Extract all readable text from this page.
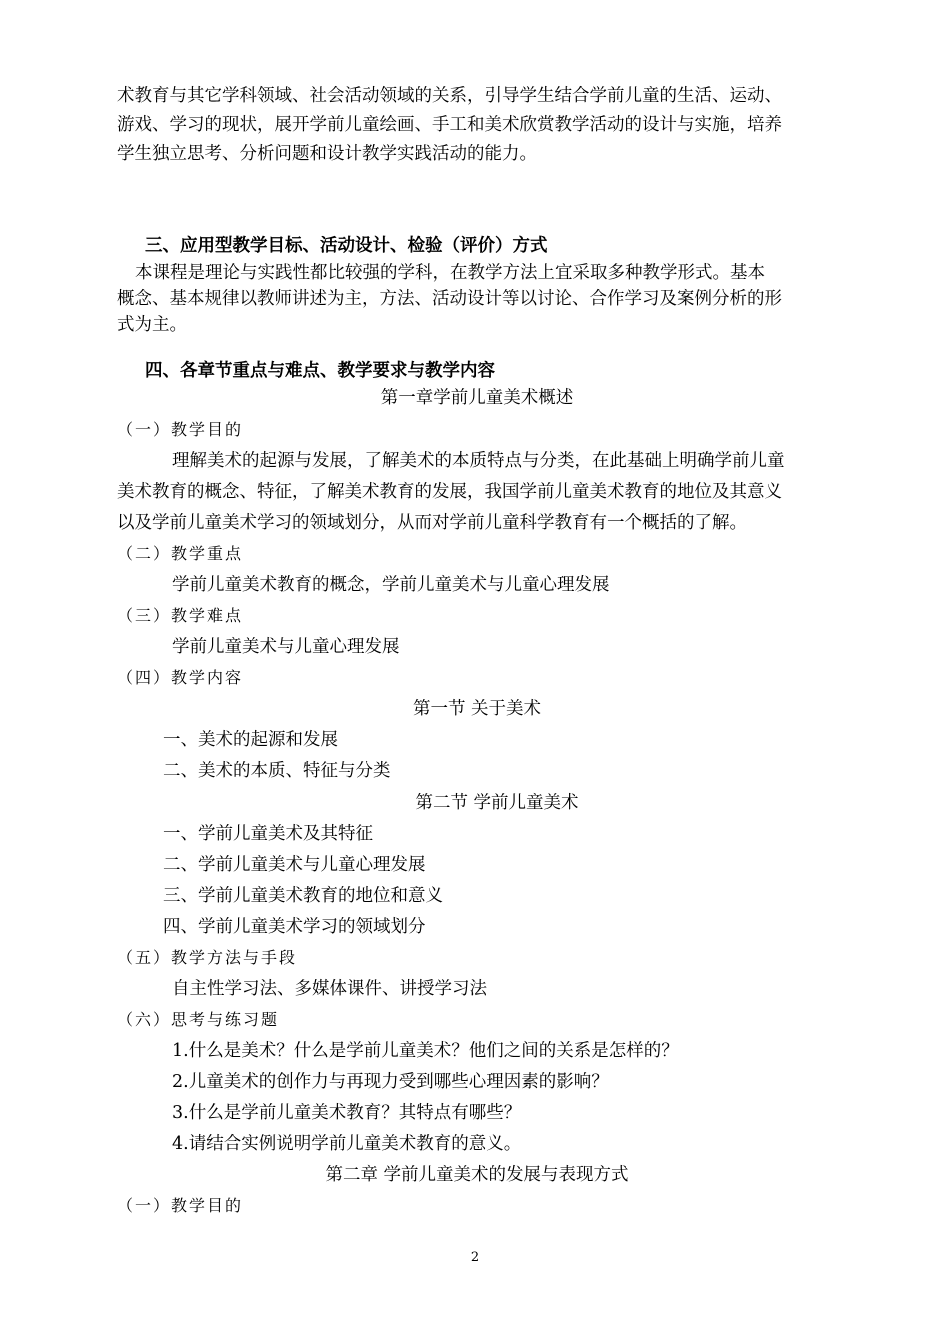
术教育与其它学科领域、社会活动领域的关系，引导学生结合学前儿童的生活、运动、
游戏、学习的现状，展开学前儿童绘画、手工和美术欣赏教学活动的设计与实施，培养
学生独立思考、分析问题和设计教学实践活动的能力。
三、应用型教学目标、活动设计、检验（评价）方式
本课程是理论与实践性都比较强的学科，在教学方法上宜采取多种教学形式。基本
概念、基本规律以教师讲述为主，方法、活动设计等以讨论、合作学习及案例分析的形
式为主。
四、各章节重点与难点、教学要求与教学内容
第一章学前儿童美术概述
（一）教学目的
理解美术的起源与发展，了解美术的本质特点与分类，在此基础上明确学前儿童
美术教育的概念、特征，了解美术教育的发展，我国学前儿童美术教育的地位及其意义
以及学前儿童美术学习的领域划分，从而对学前儿童科学教育有一个概括的了解。
（二）教学重点
学前儿童美术教育的概念，学前儿童美术与儿童心理发展
（三）教学难点
学前儿童美术与儿童心理发展
（四）教学内容
第一节 关于美术
一、美术的起源和发展
二、美术的本质、特征与分类
第二节 学前儿童美术
一、学前儿童美术及其特征
二、学前儿童美术与儿童心理发展
三、学前儿童美术教育的地位和意义
四、学前儿童美术学习的领域划分
（五）教学方法与手段
自主性学习法、多媒体课件、讲授学习法
（六）思考与练习题
1.什么是美术？什么是学前儿童美术？他们之间的关系是怎样的？
2.儿童美术的创作力与再现力受到哪些心理因素的影响？
3.什么是学前儿童美术教育？其特点有哪些？
4.请结合实例说明学前儿童美术教育的意义。
第二章 学前儿童美术的发展与表现方式
（一）教学目的
2
